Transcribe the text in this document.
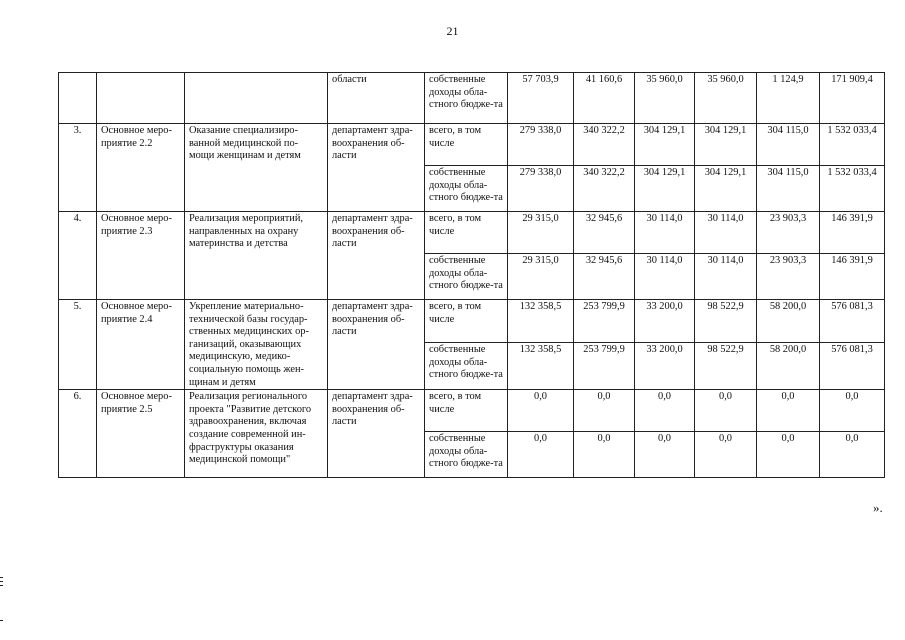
21
			области	собственные доходы обла-стного бюдже-та	57 703,9	41 160,6	35 960,0	35 960,0	1 124,9	171 909,4
3.	Основное меро-приятие 2.2	Оказание специализиро-ванной медицинской по-мощи женщинам и детям	департамент здра-воохранения об-ласти	всего, в том числе	279 338,0	340 322,2	304 129,1	304 129,1	304 115,0	1 532 033,4
				собственные доходы обла-стного бюдже-та	279 338,0	340 322,2	304 129,1	304 129,1	304 115,0	1 532 033,4
4.	Основное меро-приятие 2.3	Реализация мероприятий, направленных на охрану материнства и детства	департамент здра-воохранения об-ласти	всего, в том числе	29 315,0	32 945,6	30 114,0	30 114,0	23 903,3	146 391,9
				собственные доходы обла-стного бюдже-та	29 315,0	32 945,6	30 114,0	30 114,0	23 903,3	146 391,9
5.	Основное меро-приятие 2.4	Укрепление материально-технической базы государ-ственных медицинских ор-ганизаций, оказывающих медицинскую, медико-социальную помощь жен-щинам и детям	департамент здра-воохранения об-ласти	всего, в том числе	132 358,5	253 799,9	33 200,0	98 522,9	58 200,0	576 081,3
				собственные доходы обла-стного бюдже-та	132 358,5	253 799,9	33 200,0	98 522,9	58 200,0	576 081,3
6.	Основное меро-приятие 2.5	Реализация регионального проекта "Развитие детского здравоохранения, включая создание современной ин-фраструктуры оказания медицинской помощи"	департамент здра-воохранения об-ласти	всего, в том числе	0,0	0,0	0,0	0,0	0,0	0,0
				собственные доходы обла-стного бюдже-та	0,0	0,0	0,0	0,0	0,0	0,0
».
